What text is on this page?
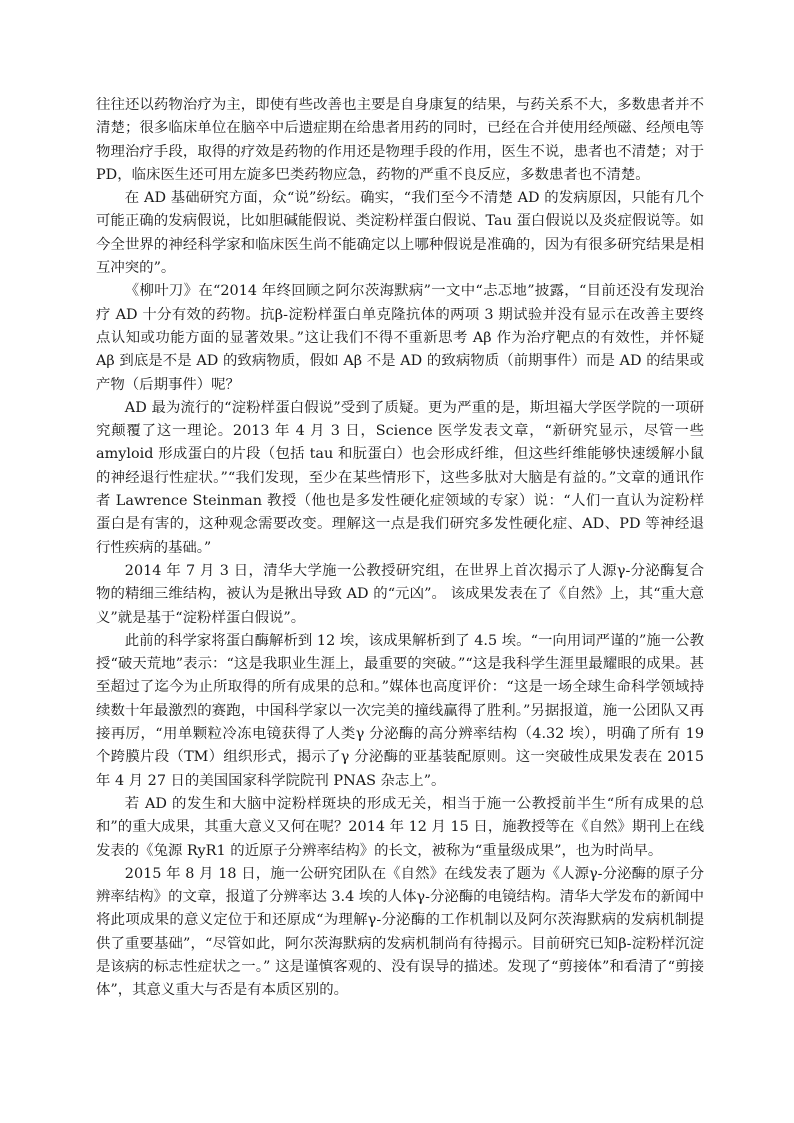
往往还以药物治疗为主，即使有些改善也主要是自身康复的结果，与药关系不大，多数患者并不清楚；很多临床单位在脑卒中后遗症期在给患者用药的同时，已经在合并使用经颅磁、经颅电等物理治疗手段，取得的疗效是药物的作用还是物理手段的作用，医生不说，患者也不清楚；对于 PD，临床医生还可用左旋多巴类药物应急，药物的严重不良反应，多数患者也不清楚。

在 AD 基础研究方面，众“说”纷纭。确实，“我们至今不清楚 AD 的发病原因，只能有几个可能正确的发病假说，比如胆碱能假说、类淀粉样蛋白假说、Tau 蛋白假说以及炎症假说等。如今全世界的神经科学家和临床医生尚不能确定以上哪种假说是准确的，因为有很多研究结果是相互冲突的”。

《柳叶刀》在“2014 年终回顾之阿尔茨海默病”一文中“忐忑地”披露，“目前还没有发现治疗 AD 十分有效的药物。抗β-淀粉样蛋白单克隆抗体的两项 3 期试验并没有显示在改善主要终点认知或功能方面的显著效果。”这让我们不得不重新思考 Aβ 作为治疗靶点的有效性，并怀疑 Aβ 到底是不是 AD 的致病物质，假如 Aβ 不是 AD 的致病物质（前期事件）而是 AD 的结果或产物（后期事件）呢？

AD 最为流行的“淀粉样蛋白假说”受到了质疑。更为严重的是，斯坦福大学医学院的一项研究颠覆了这一理论。2013 年 4 月 3 日，Science 医学发表文章，“新研究显示，尽管一些 amyloid 形成蛋白的片段（包括 tau 和朊蛋白）也会形成纤维，但这些纤维能够快速缓解小鼠的神经退行性症状。”“我们发现，至少在某些情形下，这些多肽对大脑是有益的。”文章的通讯作者 Lawrence Steinman 教授（他也是多发性硬化症领域的专家）说：“人们一直认为淀粉样蛋白是有害的，这种观念需要改变。理解这一点是我们研究多发性硬化症、AD、PD 等神经退行性疾病的基础。”

2014 年 7 月 3 日，清华大学施一公教授研究组，在世界上首次揭示了人源γ-分泌酶复合物的精细三维结构，被认为是揪出导致 AD 的“元凶”。 该成果发表在了《自然》上，其“重大意义”就是基于“淀粉样蛋白假说”。

此前的科学家将蛋白酶解析到 12 埃，该成果解析到了 4.5 埃。“一向用词严谨的”施一公教授“破天荒地”表示：“这是我职业生涯上，最重要的突破。”“这是我科学生涯里最耀眼的成果。甚至超过了迄今为止所取得的所有成果的总和。”媒体也高度评价：“这是一场全球生命科学领域持续数十年最激烈的赛跑，中国科学家以一次完美的撞线赢得了胜利。”另据报道，施一公团队又再接再厉，“用单颗粒冷冻电镜获得了人类γ 分泌酶的高分辨率结构（4.32 埃），明确了所有 19 个跨膜片段（TM）组织形式，揭示了γ 分泌酶的亚基装配原则。这一突破性成果发表在 2015 年 4 月 27 日的美国国家科学院院刊 PNAS 杂志上”。

若 AD 的发生和大脑中淀粉样斑块的形成无关，相当于施一公教授前半生“所有成果的总和”的重大成果，其重大意义又何在呢？2014 年 12 月 15 日，施教授等在《自然》期刊上在线发表的《兔源 RyR1 的近原子分辨率结构》的长文，被称为“重量级成果”，也为时尚早。

2015 年 8 月 18 日，施一公研究团队在《自然》在线发表了题为《人源γ-分泌酶的原子分辨率结构》的文章，报道了分辨率达 3.4 埃的人体γ-分泌酶的电镜结构。清华大学发布的新闻中将此项成果的意义定位于和还原成“为理解γ-分泌酶的工作机制以及阿尔茨海默病的发病机制提供了重要基础”，“尽管如此，阿尔茨海默病的发病机制尚有待揭示。目前研究已知β-淀粉样沉淀是该病的标志性症状之一。” 这是谨慎客观的、没有误导的描述。发现了“剪接体”和看清了“剪接体”，其意义重大与否是有本质区别的。
